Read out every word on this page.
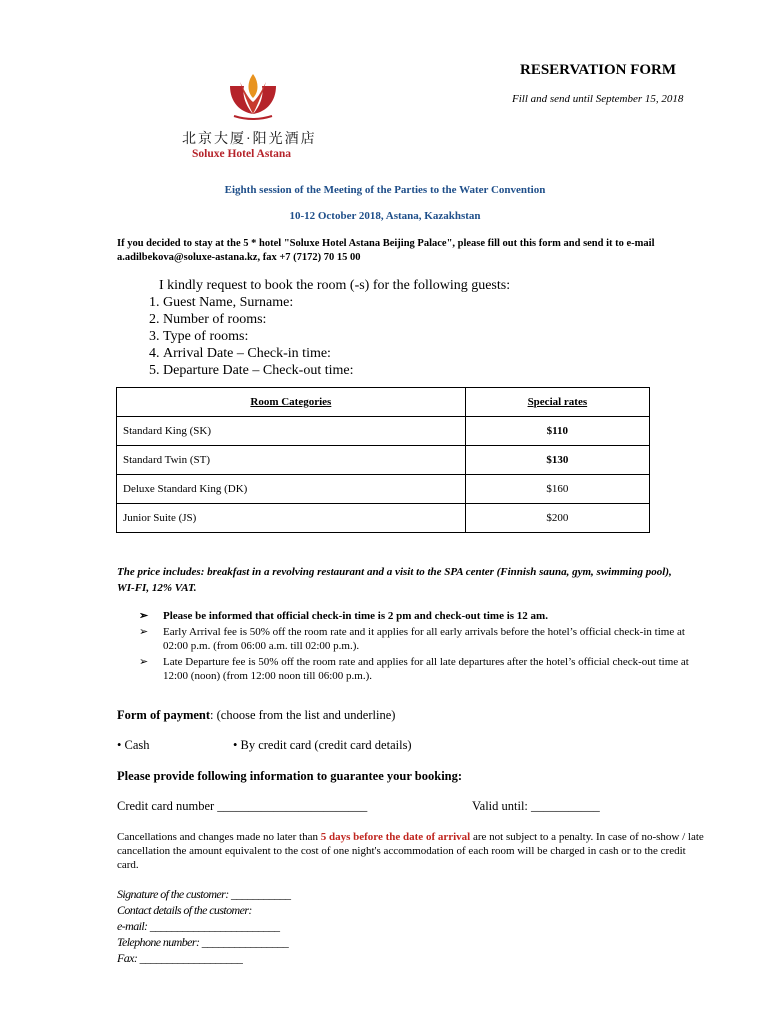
北京大厦·阳光酒店
Soluxe Hotel Astana
RESERVATION FORM
Fill and send until September 15, 2018
Eighth session of the Meeting of the Parties to the Water Convention
10-12 October 2018, Astana, Kazakhstan
If you decided to stay at the 5 * hotel "Soluxe Hotel Astana Beijing Palace", please fill out this form and send it to e-mail a.adilbekova@soluxe-astana.kz, fax +7 (7172) 70 15 00
I kindly request to book the room (-s) for the following guests:
1. Guest Name, Surname:
2. Number of rooms:
3. Type of rooms:
4. Arrival Date – Check-in time:
5. Departure Date – Check-out time:
Room Categories	Special rates
Standard King (SK)	$110
Standard Twin (ST)	$130
Deluxe Standard King (DK)	$160
Junior Suite (JS)	$200
The price includes: breakfast in a revolving restaurant and a visit to the SPA center (Finnish sauna, gym, swimming pool), WI-FI, 12% VAT.
➢ Please be informed that official check-in time is 2 pm and check-out time is 12 am.
➢ Early Arrival fee is 50% off the room rate and it applies for all early arrivals before the hotel’s official check-in time at 02:00 p.m. (from 06:00 a.m. till 02:00 p.m.).
➢ Late Departure fee is 50% off the room rate and applies for all late departures after the hotel’s official check-out time at 12:00 (noon) (from 12:00 noon till 06:00 p.m.).
Form of payment: (choose from the list and underline)
• Cash	• By credit card (credit card details)
Please provide following information to guarantee your booking:
Credit card number ________________________	Valid until: ___________
Cancellations and changes made no later than 5 days before the date of arrival are not subject to a penalty. In case of no-show / late cancellation the amount equivalent to the cost of one night's accommodation of each room will be charged in cash or to the credit card.
Signature of the customer: ___________
Contact details of the customer:
e-mail: ________________________
Telephone number: ________________
Fax: ___________________
